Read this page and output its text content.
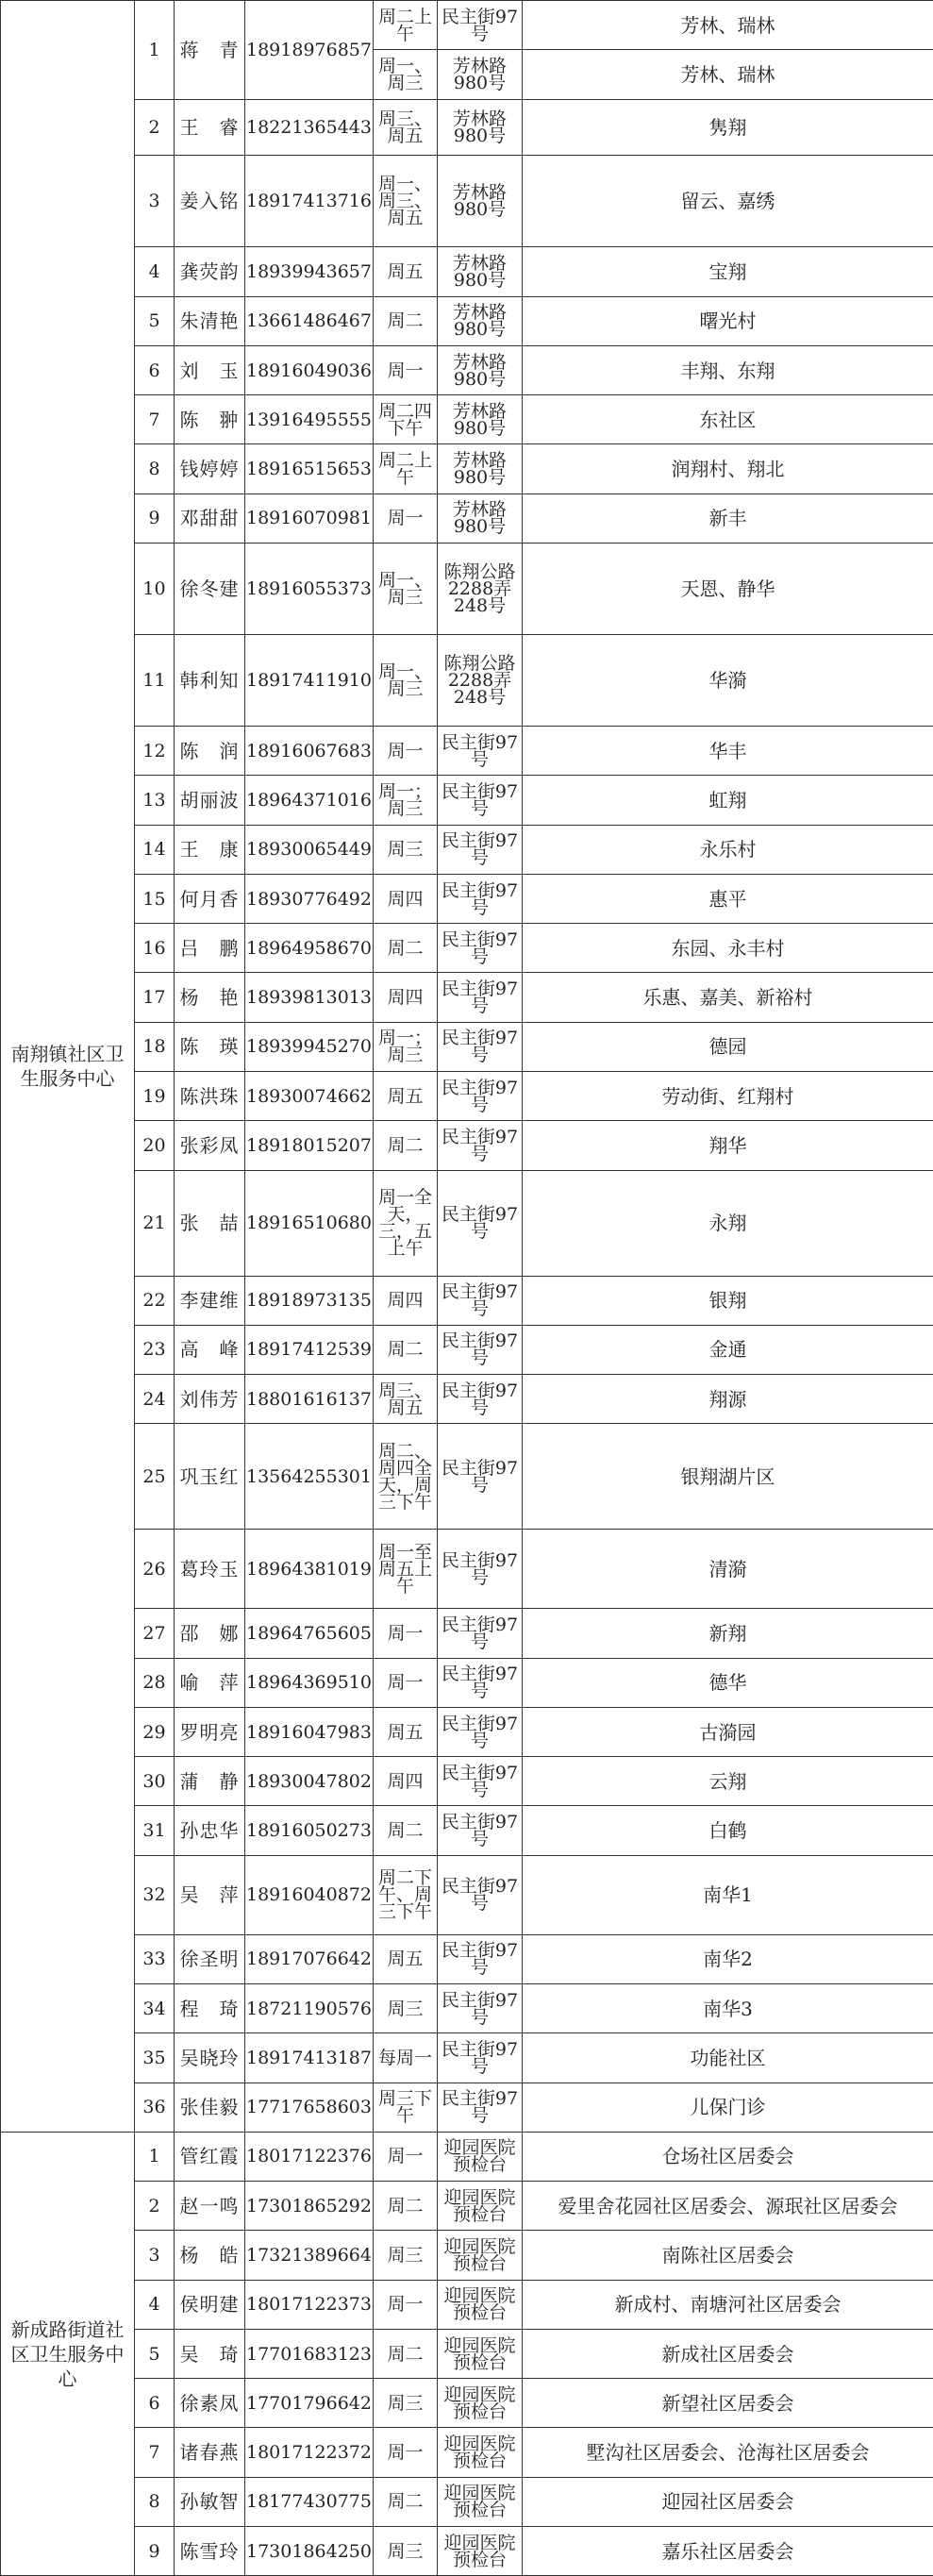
南翔镇社区卫生服务中心	1	蒋　青	18918976857	周二上午	民主街97号	芳林、瑞林
				周一、周三	芳林路980号	芳林、瑞林
	2	王　睿	18221365443	周三、周五	芳林路980号	隽翔
	3	姜入铭	18917413716	周一、周三、周五	芳林路980号	留云、嘉绣
	4	龚荧韵	18939943657	周五	芳林路980号	宝翔
	5	朱清艳	13661486467	周二	芳林路980号	曙光村
	6	刘　玉	18916049036	周一	芳林路980号	丰翔、东翔
	7	陈　翀	13916495555	周二四下午	芳林路980号	东社区
	8	钱婷婷	18916515653	周二上午	芳林路980号	润翔村、翔北
	9	邓甜甜	18916070981	周一	芳林路980号	新丰
	10	徐冬建	18916055373	周一、周三	陈翔公路2288弄248号	天恩、静华
	11	韩利知	18917411910	周一、周三	陈翔公路2288弄248号	华漪
	12	陈　润	18916067683	周一	民主街97号	华丰
	13	胡丽波	18964371016	周一；周三	民主街97号	虹翔
	14	王　康	18930065449	周三	民主街97号	永乐村
	15	何月香	18930776492	周四	民主街97号	惠平
	16	吕　鹏	18964958670	周二	民主街97号	东园、永丰村
	17	杨　艳	18939813013	周四	民主街97号	乐惠、嘉美、新裕村
	18	陈　瑛	18939945270	周一；周三	民主街97号	德园
	19	陈洪珠	18930074662	周五	民主街97号	劳动街、红翔村
	20	张彩凤	18918015207	周二	民主街97号	翔华
	21	张　喆	18916510680	周一全天，三，五上午	民主街97号	永翔
	22	李建维	18918973135	周四	民主街97号	银翔
	23	高　峰	18917412539	周二	民主街97号	金通
	24	刘伟芳	18801616137	周三、周五	民主街97号	翔源
	25	巩玉红	13564255301	周二、周四全天，周三下午	民主街97号	银翔湖片区
	26	葛玲玉	18964381019	周一至周五上午	民主街97号	清漪
	27	邵　娜	18964765605	周一	民主街97号	新翔
	28	喻　萍	18964369510	周一	民主街97号	德华
	29	罗明亮	18916047983	周五	民主街97号	古漪园
	30	蒲　静	18930047802	周四	民主街97号	云翔
	31	孙忠华	18916050273	周二	民主街97号	白鹤
	32	吴　萍	18916040872	周二下午、周三下午	民主街97号	南华1
	33	徐圣明	18917076642	周五	民主街97号	南华2
	34	程　琦	18721190576	周三	民主街97号	南华3
	35	吴晓玲	18917413187	每周一	民主街97号	功能社区
	36	张佳毅	17717658603	周三下午	民主街97号	儿保门诊
新成路街道社区卫生服务中心	1	管红霞	18017122376	周一	迎园医院预检台	仓场社区居委会
	2	赵一鸣	17301865292	周二	迎园医院预检台	爱里舍花园社区居委会、源珉社区居委会
	3	杨　皓	17321389664	周三	迎园医院预检台	南陈社区居委会
	4	侯明建	18017122373	周一	迎园医院预检台	新成村、南塘河社区居委会
	5	吴　琦	17701683123	周二	迎园医院预检台	新成社区居委会
	6	徐素凤	17701796642	周三	迎园医院预检台	新望社区居委会
	7	诸春燕	18017122372	周一	迎园医院预检台	墅沟社区居委会、沧海社区居委会
	8	孙敏智	18177430775	周二	迎园医院预检台	迎园社区居委会
	9	陈雪玲	17301864250	周三	迎园医院预检台	嘉乐社区居委会
